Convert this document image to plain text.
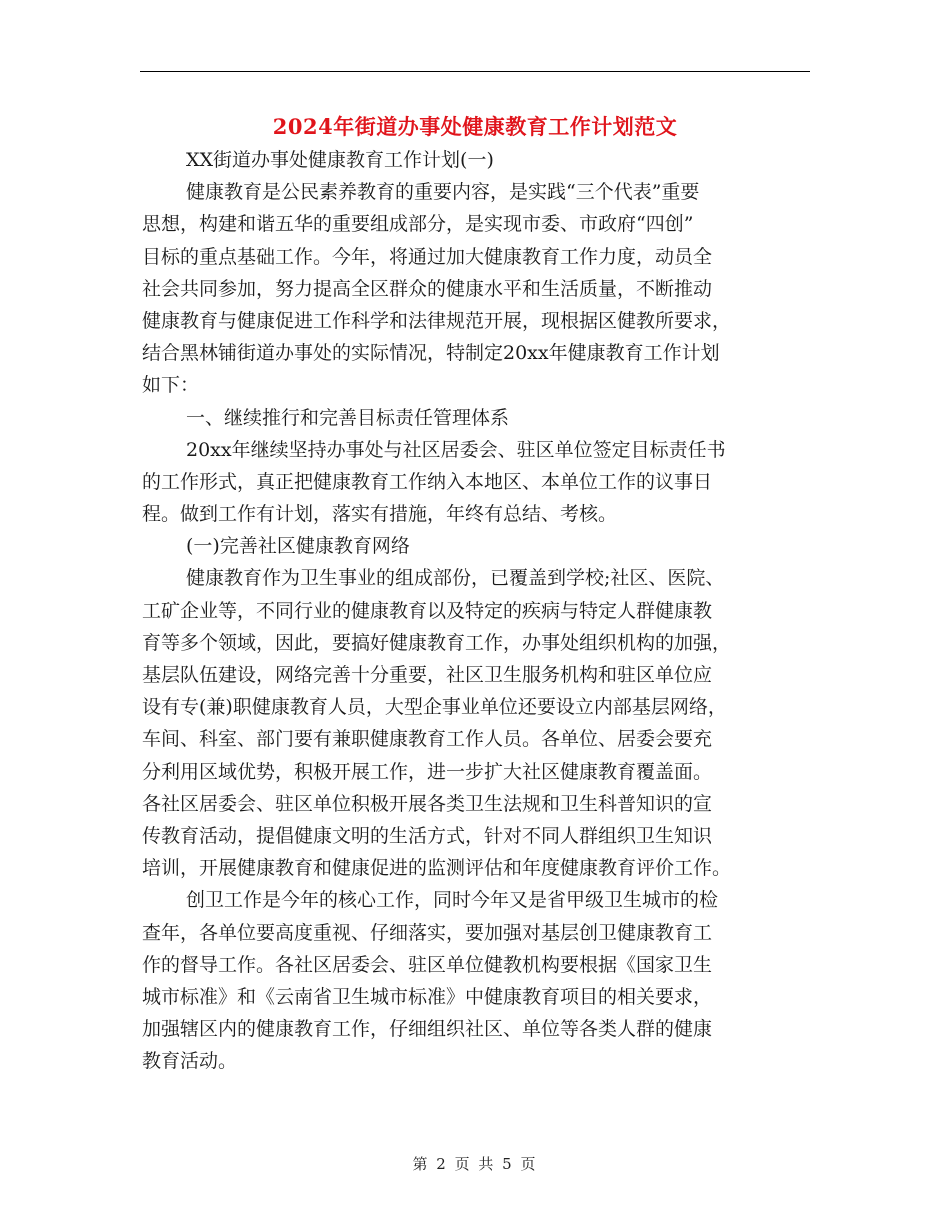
2024年街道办事处健康教育工作计划范文
XX街道办事处健康教育工作计划(一)
健康教育是公民素养教育的重要内容，是实践“三个代表”重要
思想，构建和谐五华的重要组成部分，是实现市委、市政府“四创”
目标的重点基础工作。今年，将通过加大健康教育工作力度，动员全
社会共同参加，努力提高全区群众的健康水平和生活质量，不断推动
健康教育与健康促进工作科学和法律规范开展，现根据区健教所要求，
结合黑林铺街道办事处的实际情况，特制定20xx年健康教育工作计划
如下：
一、继续推行和完善目标责任管理体系
20xx年继续坚持办事处与社区居委会、驻区单位签定目标责任书
的工作形式，真正把健康教育工作纳入本地区、本单位工作的议事日
程。做到工作有计划，落实有措施，年终有总结、考核。
(一)完善社区健康教育网络
健康教育作为卫生事业的组成部份，已覆盖到学校;社区、医院、
工矿企业等，不同行业的健康教育以及特定的疾病与特定人群健康教
育等多个领域，因此，要搞好健康教育工作，办事处组织机构的加强，
基层队伍建设，网络完善十分重要，社区卫生服务机构和驻区单位应
设有专(兼)职健康教育人员，大型企事业单位还要设立内部基层网络，
车间、科室、部门要有兼职健康教育工作人员。各单位、居委会要充
分利用区域优势，积极开展工作，进一步扩大社区健康教育覆盖面。
各社区居委会、驻区单位积极开展各类卫生法规和卫生科普知识的宣
传教育活动，提倡健康文明的生活方式，针对不同人群组织卫生知识
培训，开展健康教育和健康促进的监测评估和年度健康教育评价工作。
创卫工作是今年的核心工作，同时今年又是省甲级卫生城市的检
查年，各单位要高度重视、仔细落实，要加强对基层创卫健康教育工
作的督导工作。各社区居委会、驻区单位健教机构要根据《国家卫生
城市标准》和《云南省卫生城市标准》中健康教育项目的相关要求，
加强辖区内的健康教育工作，仔细组织社区、单位等各类人群的健康
教育活动。
第 2 页 共 5 页
